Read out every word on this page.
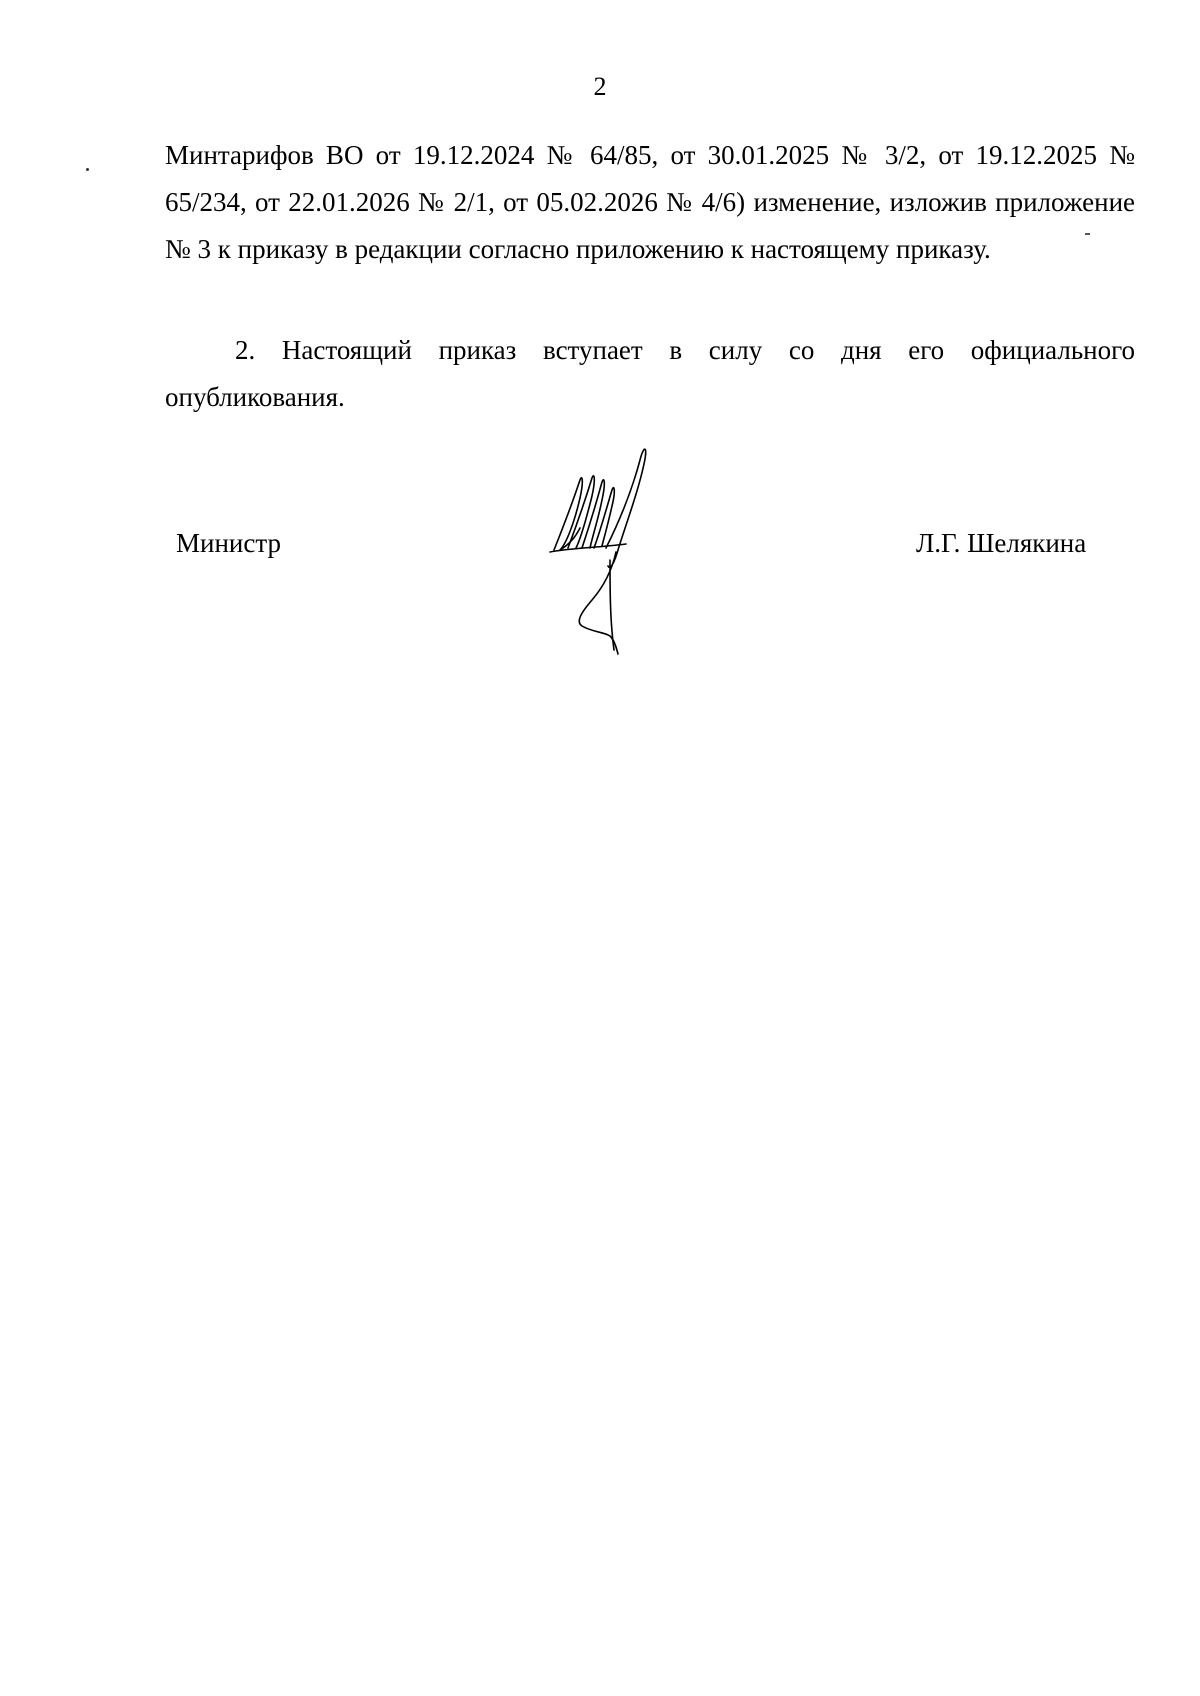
2

Минтарифов ВО от 19.12.2024 № 64/85, от 30.01.2025 № 3/2, от 19.12.2025 № 65/234, от 22.01.2026 № 2/1, от 05.02.2026 № 4/6) изменение, изложив приложение № 3 к приказу в редакции согласно приложению к настоящему приказу.

2. Настоящий приказ вступает в силу со дня его официального опубликования.

Министр	Л.Г. Шелякина
